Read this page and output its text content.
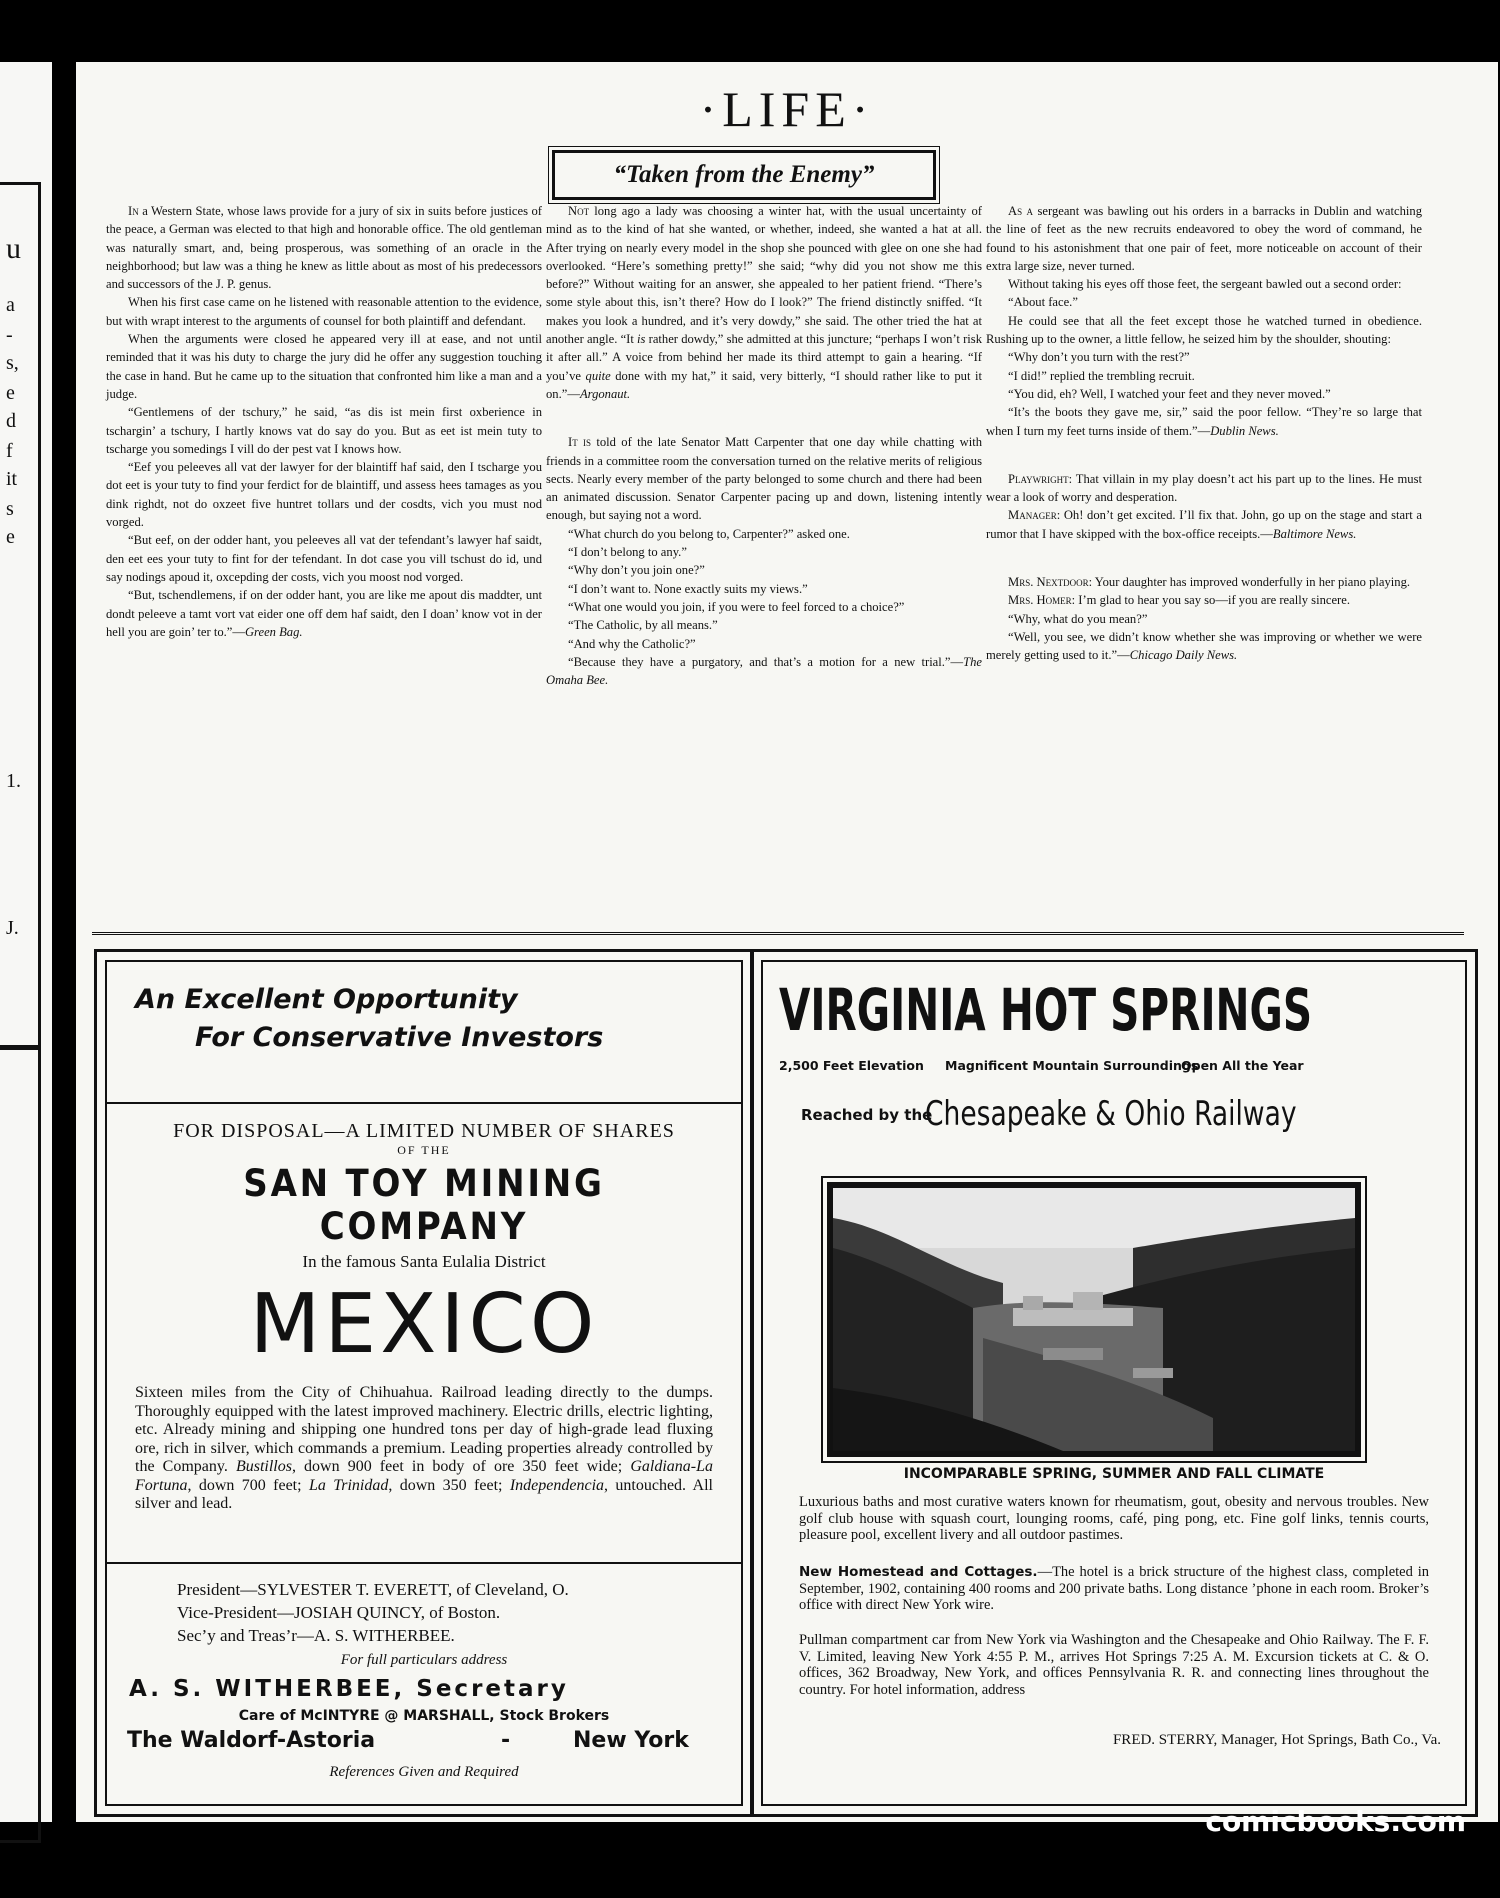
u
a
-
s,
e
d
f
it
s
e
1.
J.
·LIFE·
“Taken from the Enemy”

In a Western State, whose laws provide for a jury of six in suits before justices of the peace, a German was elected to that high and honorable office. The old gentleman was naturally smart, and, being prosperous, was something of an oracle in the neighborhood; but law was a thing he knew as little about as most of his predecessors and successors of the J. P. genus.

When his first case came on he listened with reasonable attention to the evidence, but with wrapt interest to the arguments of counsel for both plaintiff and defendant.

When the arguments were closed he appeared very ill at ease, and not until reminded that it was his duty to charge the jury did he offer any suggestion touching the case in hand. But he came up to the situation that confronted him like a man and a judge.

“Gentlemens of der tschury,” he said, “as dis ist mein first oxberience in tschargin’ a tschury, I hartly knows vat do say do you. But as eet ist mein tuty to tscharge you somedings I vill do der pest vat I knows how.

“Eef you peleeves all vat der lawyer for der blaintiff haf said, den I tscharge you dot eet is your tuty to find your ferdict for de blaintiff, und assess hees tamages as you dink righdt, not do oxzeet five huntret tollars und der cosdts, vich you must nod vorged.

“But eef, on der odder hant, you peleeves all vat der tefendant’s lawyer haf saidt, den eet ees your tuty to fint for der tefendant. In dot case you vill tschust do id, und say nodings apoud it, oxcepding der costs, vich you moost nod vorged.

“But, tschendlemens, if on der odder hant, you are like me apout dis maddter, unt dondt peleeve a tamt vort vat eider one off dem haf saidt, den I doan’ know vot in der hell you are goin’ ter to.”—Green Bag.

Not long ago a lady was choosing a winter hat, with the usual uncertainty of mind as to the kind of hat she wanted, or whether, indeed, she wanted a hat at all. After trying on nearly every model in the shop she pounced with glee on one she had overlooked. “Here’s something pretty!” she said; “why did you not show me this before?” Without waiting for an answer, she appealed to her patient friend. “There’s some style about this, isn’t there? How do I look?” The friend distinctly sniffed. “It makes you look a hundred, and it’s very dowdy,” she said. The other tried the hat at another angle. “It is rather dowdy,” she admitted at this juncture; “perhaps I won’t risk it after all.” A voice from behind her made its third attempt to gain a hearing. “If you’ve quite done with my hat,” it said, very bitterly, “I should rather like to put it on.”—Argonaut.

It is told of the late Senator Matt Carpenter that one day while chatting with friends in a committee room the conversation turned on the relative merits of religious sects. Nearly every member of the party belonged to some church and there had been an animated discussion. Senator Carpenter pacing up and down, listening intently enough, but saying not a word.

“What church do you belong to, Carpenter?” asked one.

“I don’t belong to any.”

“Why don’t you join one?”

“I don’t want to. None exactly suits my views.”

“What one would you join, if you were to feel forced to a choice?”

“The Catholic, by all means.”

“And why the Catholic?”

“Because they have a purgatory, and that’s a motion for a new trial.”—The Omaha Bee.

As a sergeant was bawling out his orders in a barracks in Dublin and watching the line of feet as the new recruits endeavored to obey the word of command, he found to his astonishment that one pair of feet, more noticeable on account of their extra large size, never turned.

Without taking his eyes off those feet, the sergeant bawled out a second order:

“About face.”

He could see that all the feet except those he watched turned in obedience. Rushing up to the owner, a little fellow, he seized him by the shoulder, shouting:

“Why don’t you turn with the rest?”

“I did!” replied the trembling recruit.

“You did, eh? Well, I watched your feet and they never moved.”

“It’s the boots they gave me, sir,” said the poor fellow. “They’re so large that when I turn my feet turns inside of them.”—Dublin News.

Playwright: That villain in my play doesn’t act his part up to the lines. He must wear a look of worry and desperation.

Manager: Oh! don’t get excited. I’ll fix that. John, go up on the stage and start a rumor that I have skipped with the box-office receipts.—Baltimore News.

Mrs. Nextdoor: Your daughter has improved wonderfully in her piano playing.

Mrs. Homer: I’m glad to hear you say so—if you are really sincere.

“Why, what do you mean?”

“Well, you see, we didn’t know whether she was improving or whether we were merely getting used to it.”—Chicago Daily News.

An Excellent Opportunity
For Conservative Investors
FOR DISPOSAL—A LIMITED NUMBER OF SHARES
OF THE
SAN TOY MINING COMPANY
In the famous Santa Eulalia District
MEXICO
Sixteen miles from the City of Chihuahua. Railroad leading directly to the dumps. Thoroughly equipped with the latest improved machinery. Electric drills, electric lighting, etc. Already mining and shipping one hundred tons per day of high-grade lead fluxing ore, rich in silver, which commands a premium. Leading properties already controlled by the Company. Bustillos, down 900 feet in body of ore 350 feet wide; Galdiana-La Fortuna, down 700 feet; La Trinidad, down 350 feet; Independencia, untouched. All silver and lead.
President—SYLVESTER T. EVERETT, of Cleveland, O.
Vice-President—JOSIAH QUINCY, of Boston.
Sec’y and Treas’r—A. S. WITHERBEE.
For full particulars address
A. S. WITHERBEE, Secretary
Care of McINTYRE @ MARSHALL, Stock Brokers
The Waldorf-Astoria	-	New York
References Given and Required
VIRGINIA HOT SPRINGS
2,500 Feet Elevation Magnificent Mountain Surroundings
Open All the Year
Reached by the
Chesapeake & Ohio Railway
INCOMPARABLE SPRING, SUMMER AND FALL CLIMATE
Luxurious baths and most curative waters known for rheumatism, gout, obesity and nervous troubles. New golf club house with squash court, lounging rooms, café, ping pong, etc. Fine golf links, tennis courts, pleasure pool, excellent livery and all outdoor pastimes.
New Homestead and Cottages.—The hotel is a brick structure of the highest class, completed in September, 1902, containing 400 rooms and 200 private baths. Long distance ’phone in each room. Broker’s office with direct New York wire.
Pullman compartment car from New York via Washington and the Chesapeake and Ohio Railway. The F. F. V. Limited, leaving New York 4:55 P. M., arrives Hot Springs 7:25 A. M. Excursion tickets at C. & O. offices, 362 Broadway, New York, and offices Pennsylvania R. R. and connecting lines throughout the country. For hotel information, address
FRED. STERRY, Manager, Hot Springs, Bath Co., Va.
comicbooks.com
